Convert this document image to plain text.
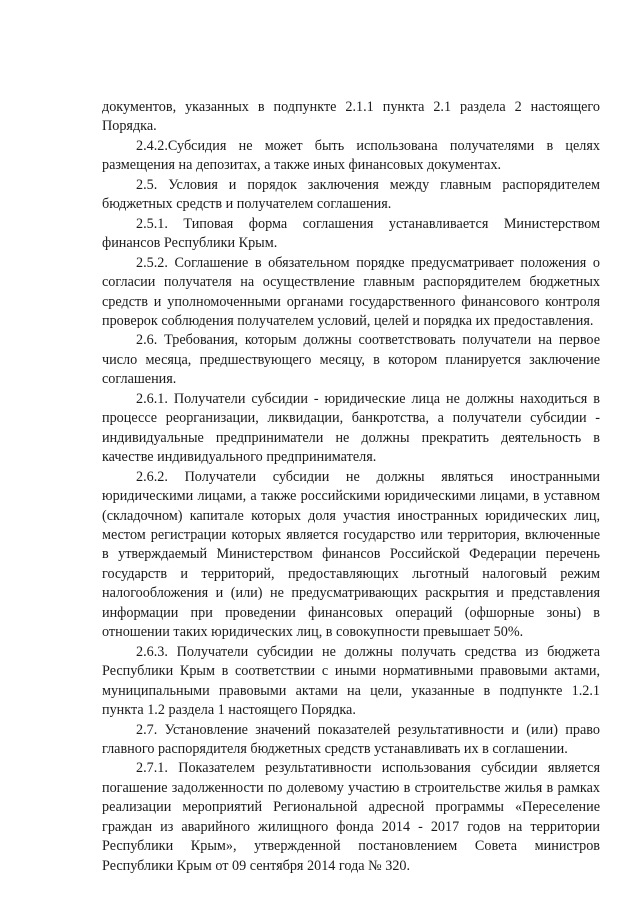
документов, указанных в подпункте 2.1.1 пункта 2.1 раздела 2 настоящего Порядка.

2.4.2.Субсидия не может быть использована получателями в целях размещения на депозитах, а также иных финансовых документах.

2.5. Условия и порядок заключения между главным распорядителем бюджетных средств и получателем соглашения.

2.5.1. Типовая форма соглашения устанавливается Министерством финансов Республики Крым.

2.5.2. Соглашение в обязательном порядке предусматривает положения о согласии получателя на осуществление главным распорядителем бюджетных средств и уполномоченными органами государственного финансового контроля проверок соблюдения получателем условий, целей и порядка их предоставления.

2.6. Требования, которым должны соответствовать получатели на первое число месяца, предшествующего месяцу, в котором планируется заключение соглашения.

2.6.1. Получатели субсидии - юридические лица не должны находиться в процессе реорганизации, ликвидации, банкротства, а получатели субсидии - индивидуальные предприниматели не должны прекратить деятельность в качестве индивидуального предпринимателя.

2.6.2. Получатели субсидии не должны являться иностранными юридическими лицами, а также российскими юридическими лицами, в уставном (складочном) капитале которых доля участия иностранных юридических лиц, местом регистрации которых является государство или территория, включенные в утверждаемый Министерством финансов Российской Федерации перечень государств и территорий, предоставляющих льготный налоговый режим налогообложения и (или) не предусматривающих раскрытия и представления информации при проведении финансовых операций (офшорные зоны) в отношении таких юридических лиц, в совокупности превышает 50%.

2.6.3. Получатели субсидии не должны получать средства из бюджета Республики Крым в соответствии с иными нормативными правовыми актами, муниципальными правовыми актами на цели, указанные в подпункте 1.2.1 пункта 1.2 раздела 1 настоящего Порядка.

2.7. Установление значений показателей результативности и (или) право главного распорядителя бюджетных средств устанавливать их в соглашении.

2.7.1. Показателем результативности использования субсидии является погашение задолженности по долевому участию в строительстве жилья в рамках реализации мероприятий Региональной адресной программы «Переселение граждан из аварийного жилищного фонда 2014 - 2017 годов на территории Республики Крым», утвержденной постановлением Совета министров Республики Крым от 09 сентября 2014 года № 320.
